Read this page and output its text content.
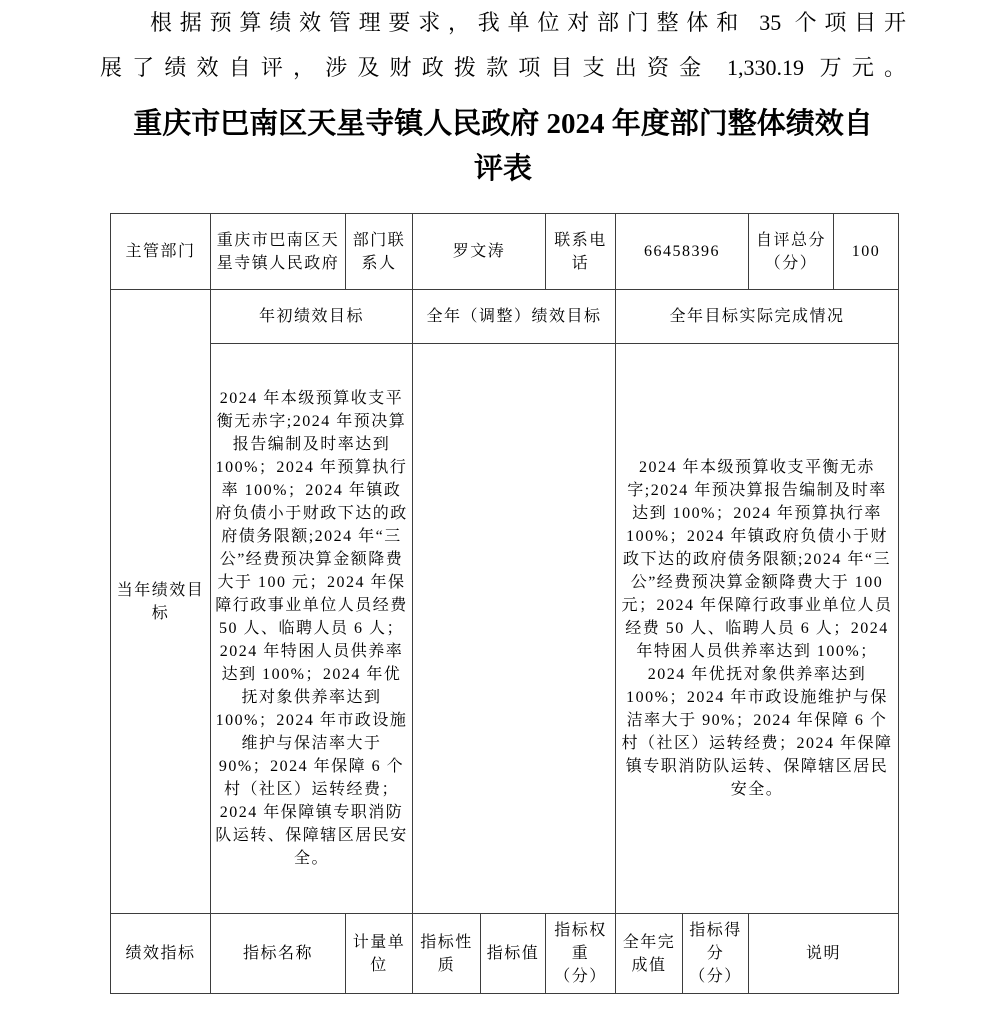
根据预算绩效管理要求，我单位对部门整体和 35 个项目开
展了绩效自评，涉及财政拨款项目支出资金 1,330.19 万元。
重庆市巴南区天星寺镇人民政府 2024 年度部门整体绩效自
评表
主管部门	重庆市巴南区天星寺镇人民政府	部门联系人	罗文涛		联系电话	66458396		自评总分（分）	100
当年绩效目标	年初绩效目标		全年（调整）绩效目标			全年目标实际完成情况			
2024 年本级预算收支平衡无赤字;2024 年预决算报告编制及时率达到 100%；2024 年预算执行率 100%；2024 年镇政府负债小于财政下达的政府债务限额;2024 年“三公”经费预决算金额降费大于 100 元；2024 年保障行政事业单位人员经费 50 人、临聘人员 6 人；2024 年特困人员供养率达到 100%；2024 年优抚对象供养率达到 100%；2024 年市政设施维护与保洁率大于 90%；2024 年保障 6 个村（社区）运转经费；2024 年保障镇专职消防队运转、保障辖区居民安全。		2024 年本级预算收支平衡无赤字;2024 年预决算报告编制及时率达到 100%；2024 年预算执行率 100%；2024 年镇政府负债小于财政下达的政府债务限额;2024 年“三公”经费预决算金额降费大于 100 元；2024 年保障行政事业单位人员经费 50 人、临聘人员 6 人；2024 年特困人员供养率达到 100%；2024 年优抚对象供养率达到 100%；2024 年市政设施维护与保洁率大于 90%；2024 年保障 6 个村（社区）运转经费；2024 年保障镇专职消防队运转、保障辖区居民安全。
绩效指标	指标名称	计量单位	指标性质	指标值	指标权重（分）	全年完成值	指标得分（分）	说明	
